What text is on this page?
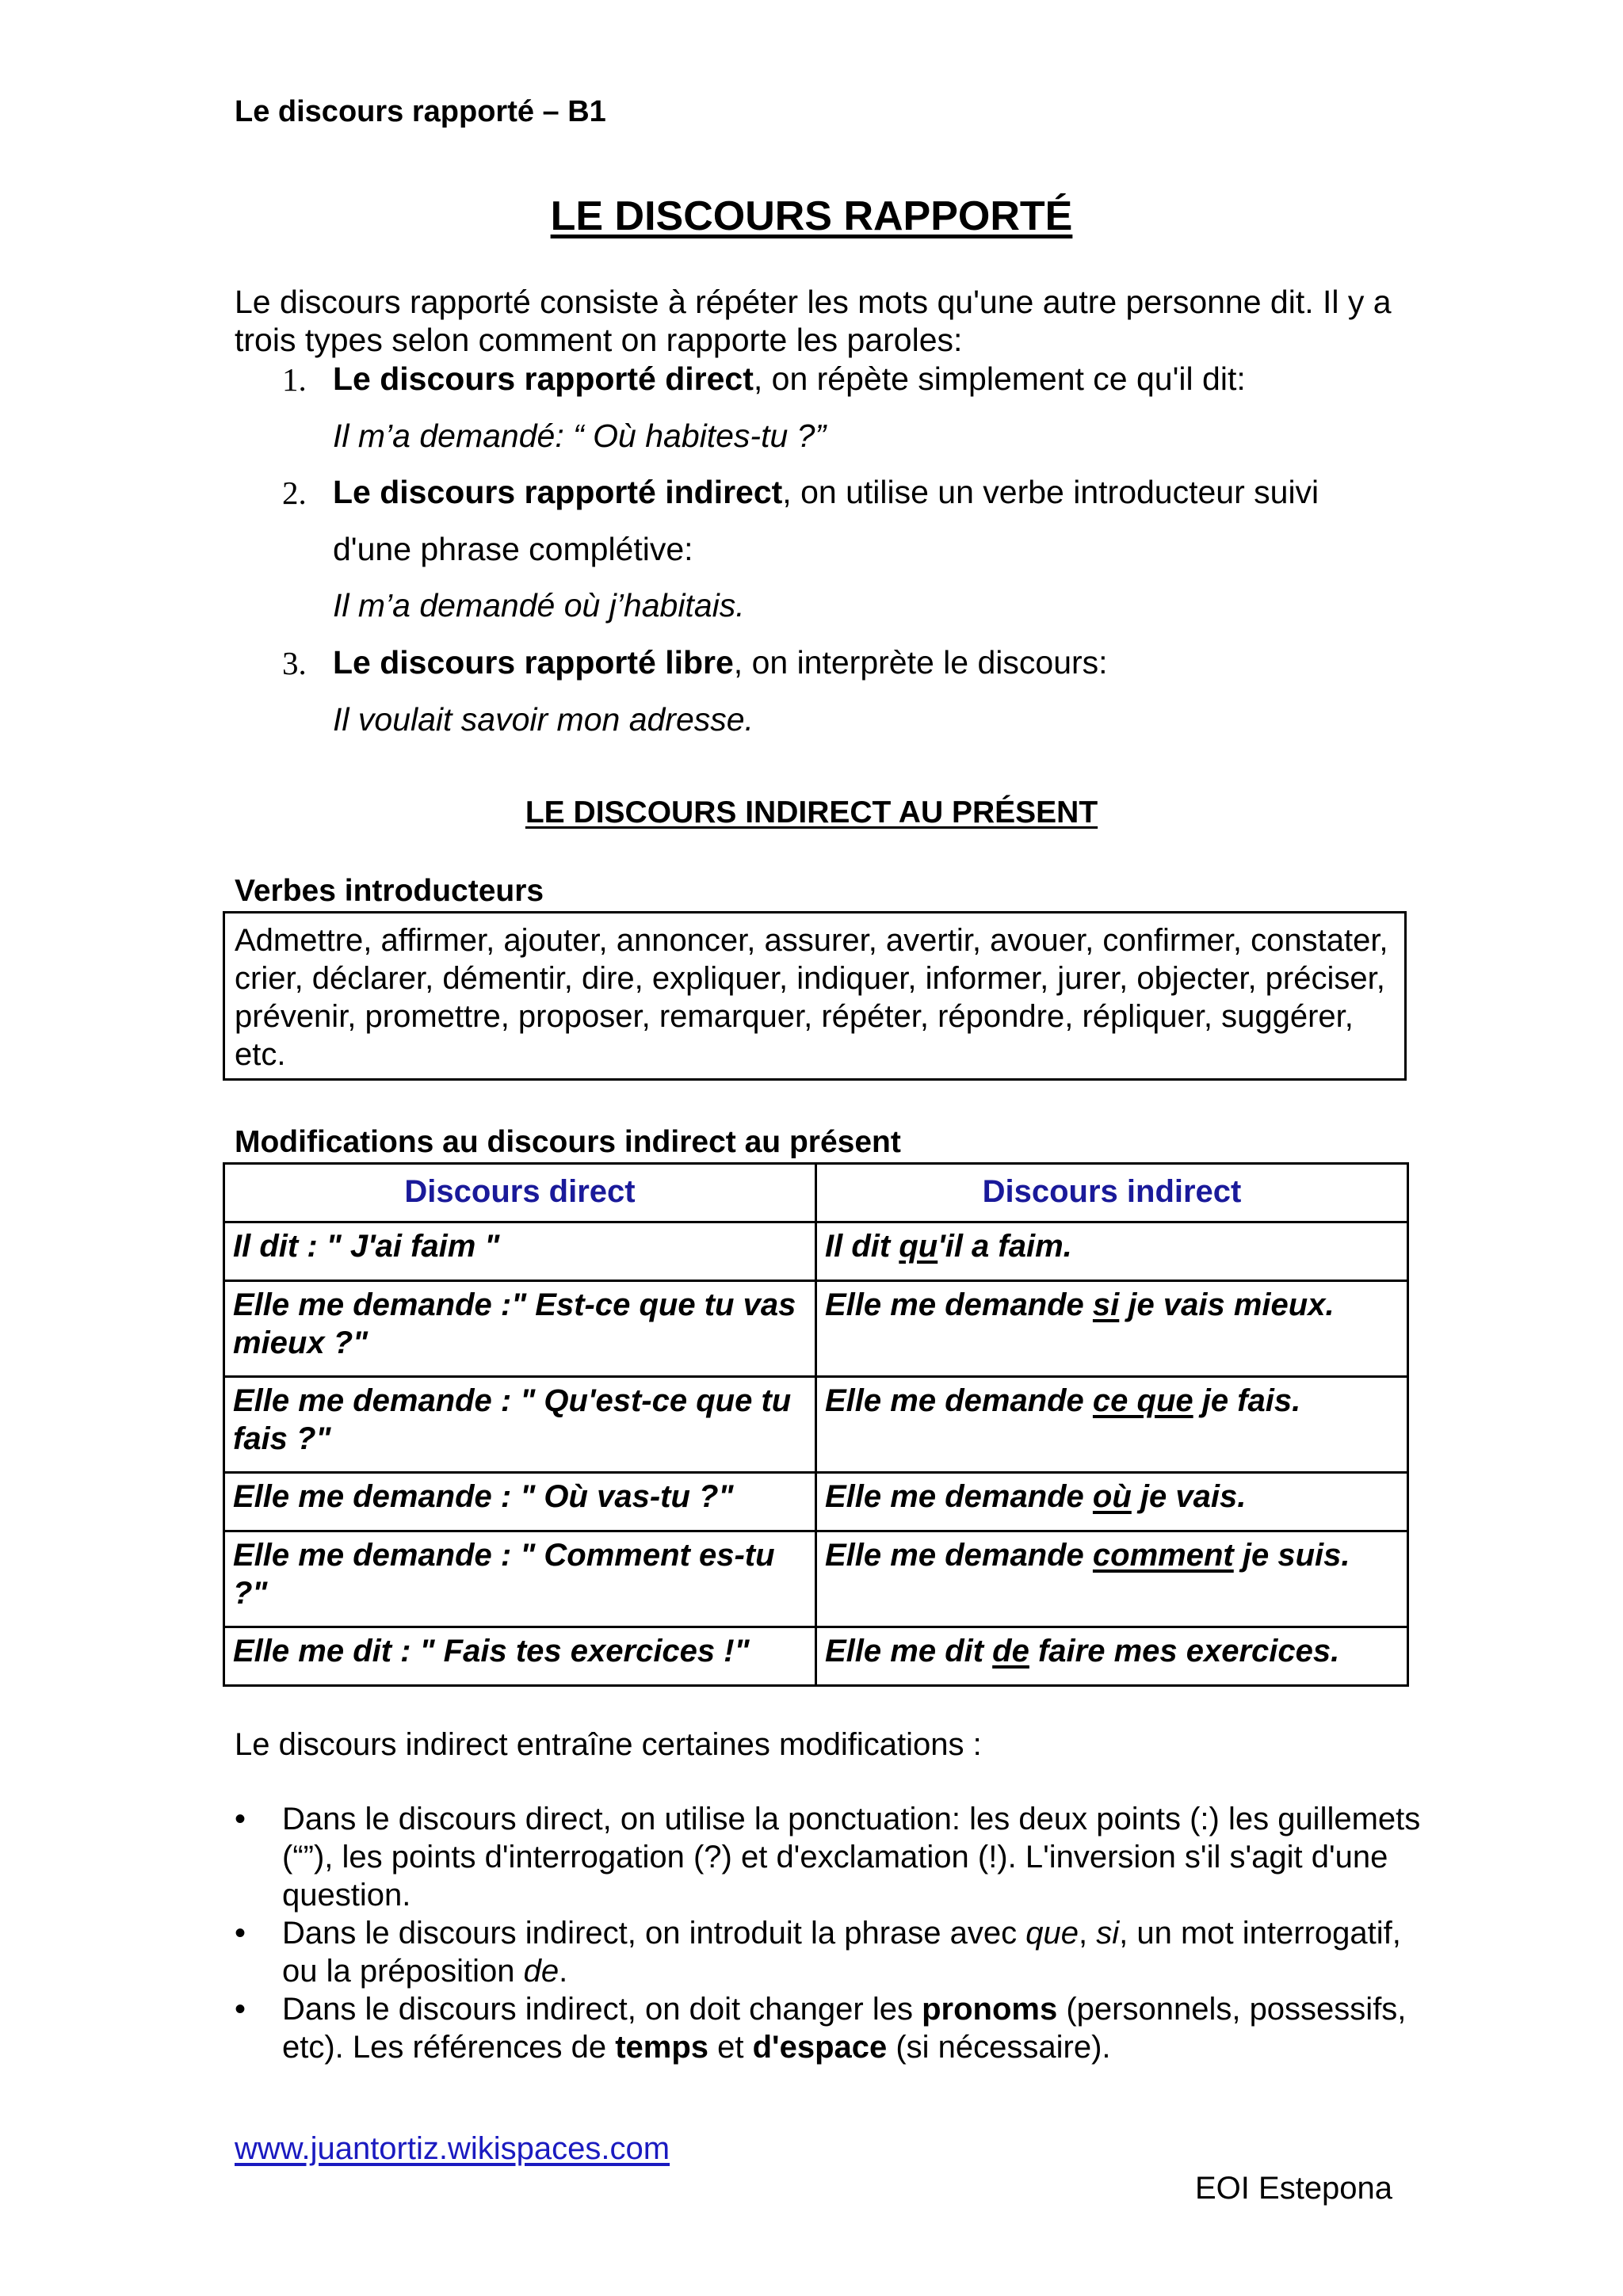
Le discours rapporté – B1
LE DISCOURS RAPPORTÉ
Le discours rapporté consiste à répéter les mots qu'une autre personne dit. Il y a trois types selon comment on rapporte les paroles:
1. Le discours rapporté direct, on répète simplement ce qu'il dit:
Il m’a demandé: “ Où habites-tu ?”
2. Le discours rapporté indirect, on utilise un verbe introducteur suivi
d'une phrase complétive:
Il m’a demandé où j’habitais.
3. Le discours rapporté libre, on interprète le discours:
Il voulait savoir mon adresse.
LE DISCOURS INDIRECT AU PRÉSENT
Verbes introducteurs
Admettre, affirmer, ajouter, annoncer, assurer, avertir, avouer, confirmer, constater, crier, déclarer, démentir, dire, expliquer, indiquer, informer, jurer, objecter, préciser, prévenir, promettre, proposer, remarquer, répéter, répondre, répliquer, suggérer, etc.
Modifications au discours indirect au présent
Discours direct	Discours indirect
Il dit : " J'ai faim "	Il dit qu'il a faim.
Elle me demande :" Est-ce que tu vas mieux ?"	Elle me demande si je vais mieux.
Elle me demande : " Qu'est-ce que tu fais ?"	Elle me demande ce que je fais.
Elle me demande : " Où vas-tu ?"	Elle me demande où je vais.
Elle me demande : " Comment es-tu ?"	Elle me demande comment je suis.
Elle me dit : " Fais tes exercices !"	Elle me dit de faire mes exercices.
Le discours indirect entraîne certaines modifications :
• Dans le discours direct, on utilise la ponctuation: les deux points (:) les guillemets (“”), les points d'interrogation (?) et d'exclamation (!). L'inversion s'il s'agit d'une question.
• Dans le discours indirect, on introduit la phrase avec que, si, un mot interrogatif, ou la préposition de.
• Dans le discours indirect, on doit changer les pronoms (personnels, possessifs, etc). Les références de temps et d'espace (si nécessaire).
www.juantortiz.wikispaces.com
EOI Estepona
